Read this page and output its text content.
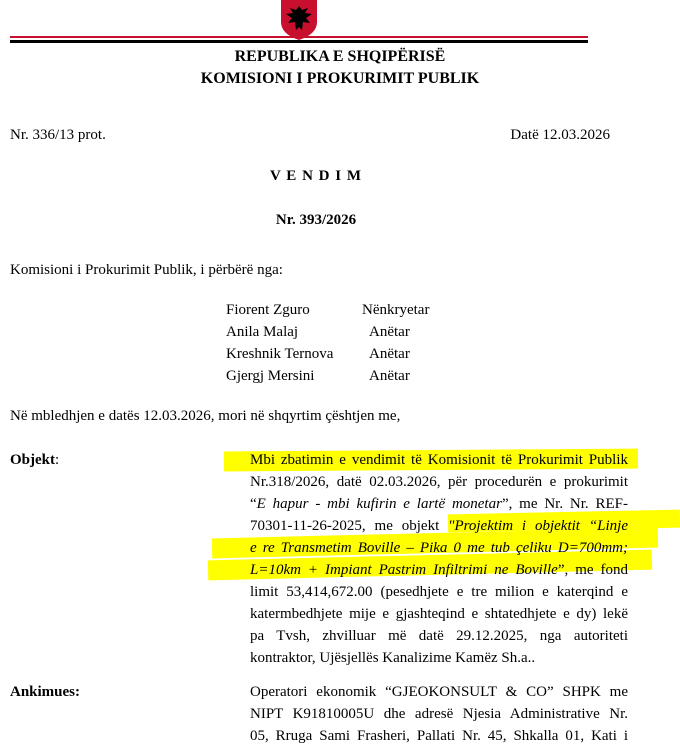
REPUBLIKA E SHQIPËRISË
KOMISIONI I PROKURIMIT PUBLIK
Nr. 336/13 prot.	Datë 12.03.2026
V E N D I M
Nr. 393/2026
Komisioni i Prokurimit Publik, i përbërë nga:
Fiorent Zguro	Nënkryetar
Anila Malaj	Anëtar
Kreshnik Ternova Anëtar
Gjergj Mersini	Anëtar
Në mbledhjen e datës 12.03.2026, mori në shqyrtim çështjen me,
Objekt:	Mbi zbatimin e vendimit të Komisionit të Prokurimit Publik
Nr.318/2026, datë 02.03.2026, për procedurën e prokurimit
“E hapur - mbi kufirin e lartë monetar”, me Nr. Nr. REF-
70301-11-26-2025, me objekt "Projektim i objektit “Linje
e re Transmetim Boville – Pika 0 me tub çeliku D=700mm;
L=10km + Impiant Pastrim Infiltrimi ne Boville”, me fond
limit 53,414,672.00 (pesedhjete e tre milion e katerqind e
katermbedhjete mije e gjashteqind e shtatedhjete e dy) lekë
pa Tvsh, zhvilluar më datë 29.12.2025, nga autoriteti
kontraktor, Ujësjellës Kanalizime Kamëz Sh.a..
Ankimues:	Operatori ekonomik “GJEOKONSULT & CO” SHPK me
NIPT K91810005U dhe adresë Njesia Administrative Nr.
05, Rruga Sami Frasheri, Pallati Nr. 45, Shkalla 01, Kati i
